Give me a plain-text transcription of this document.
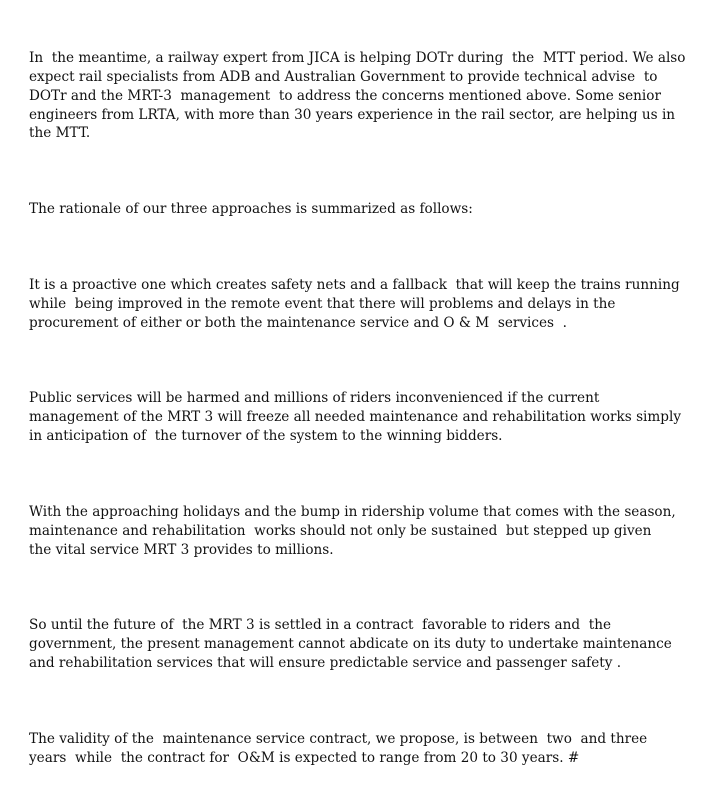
In  the meantime, a railway expert from JICA is helping DOTr during  the  MTT period. We also
expect rail specialists from ADB and Australian Government to provide technical advise  to
DOTr and the MRT-3  management  to address the concerns mentioned above. Some senior
engineers from LRTA, with more than 30 years experience in the rail sector, are helping us in
the MTT.

The rationale of our three approaches is summarized as follows:

It is a proactive one which creates safety nets and a fallback  that will keep the trains running
while  being improved in the remote event that there will problems and delays in the
procurement of either or both the maintenance service and O & M  services  .

Public services will be harmed and millions of riders inconvenienced if the current
management of the MRT 3 will freeze all needed maintenance and rehabilitation works simply
in anticipation of  the turnover of the system to the winning bidders.

With the approaching holidays and the bump in ridership volume that comes with the season,
maintenance and rehabilitation  works should not only be sustained  but stepped up given
the vital service MRT 3 provides to millions.

So until the future of  the MRT 3 is settled in a contract  favorable to riders and  the
government, the present management cannot abdicate on its duty to undertake maintenance
and rehabilitation services that will ensure predictable service and passenger safety .

The validity of the  maintenance service contract, we propose, is between  two  and three
years  while  the contract for  O&M is expected to range from 20 to 30 years. #
